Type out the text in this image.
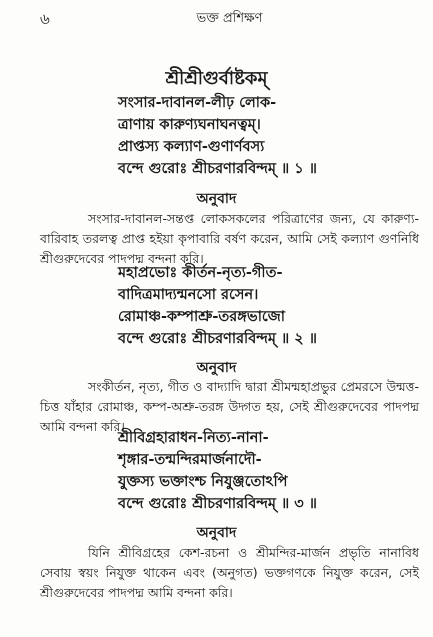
৬	ভক্ত প্রশিক্ষণ
শ্রীশ্রীগুর্বাষ্টকম্
সংসার-দাবানল-লীঢ় লোক-
ত্রাণায় কারুণ্যঘনাঘনত্বম্।
প্রাপ্তস্য কল্যাণ-গুণার্ণবস্য
বন্দে গুরোঃ শ্রীচরণারবিন্দম্ ॥ ১ ॥
অনুবাদ
সংসার-দাবানল-সন্তপ্ত লোকসকলের পরিত্রাণের জন্য, যে কারুণ্য-বারিবাহ তরলত্ব প্রাপ্ত হইয়া কৃপাবারি বর্ষণ করেন, আমি সেই কল্যাণ গুণনিধি শ্রীগুরুদেবের পাদপদ্ম বন্দনা করি।
মহাপ্রভোঃ কীর্তন-নৃত্য-গীত-
বাদিত্রমাদ্যন্মনসো রসেন।
রোমাঞ্চ-কম্পাশ্রু-তরঙ্গভাজো
বন্দে গুরোঃ শ্রীচরণারবিন্দম্ ॥ ২ ॥
অনুবাদ
সংকীর্তন, নৃত্য, গীত ও বাদ্যাদি দ্বারা শ্রীমন্মহাপ্রভুর প্রেমরসে উন্মত্ত-চিত্ত যাঁহার রোমাঞ্চ, কম্প-অশ্রু-তরঙ্গ উদ্গত হয়, সেই শ্রীগুরুদেবের পাদপদ্ম আমি বন্দনা করি।
শ্রীবিগ্রহারাধন-নিত্য-নানা-
শৃঙ্গার-তন্মন্দিরমার্জনাদৌ-
যুক্তস্য ভক্তাংশ্চ নিযুঞ্জতোঽপি
বন্দে গুরোঃ শ্রীচরণারবিন্দম্ ॥ ৩ ॥
অনুবাদ
যিনি শ্রীবিগ্রহের কেশ-রচনা ও শ্রীমন্দির-মার্জন প্রভৃতি নানাবিধ সেবায় স্বয়ং নিযুক্ত থাকেন এবং (অনুগত) ভক্তগণকে নিযুক্ত করেন, সেই শ্রীগুরুদেবের পাদপদ্ম আমি বন্দনা করি।
